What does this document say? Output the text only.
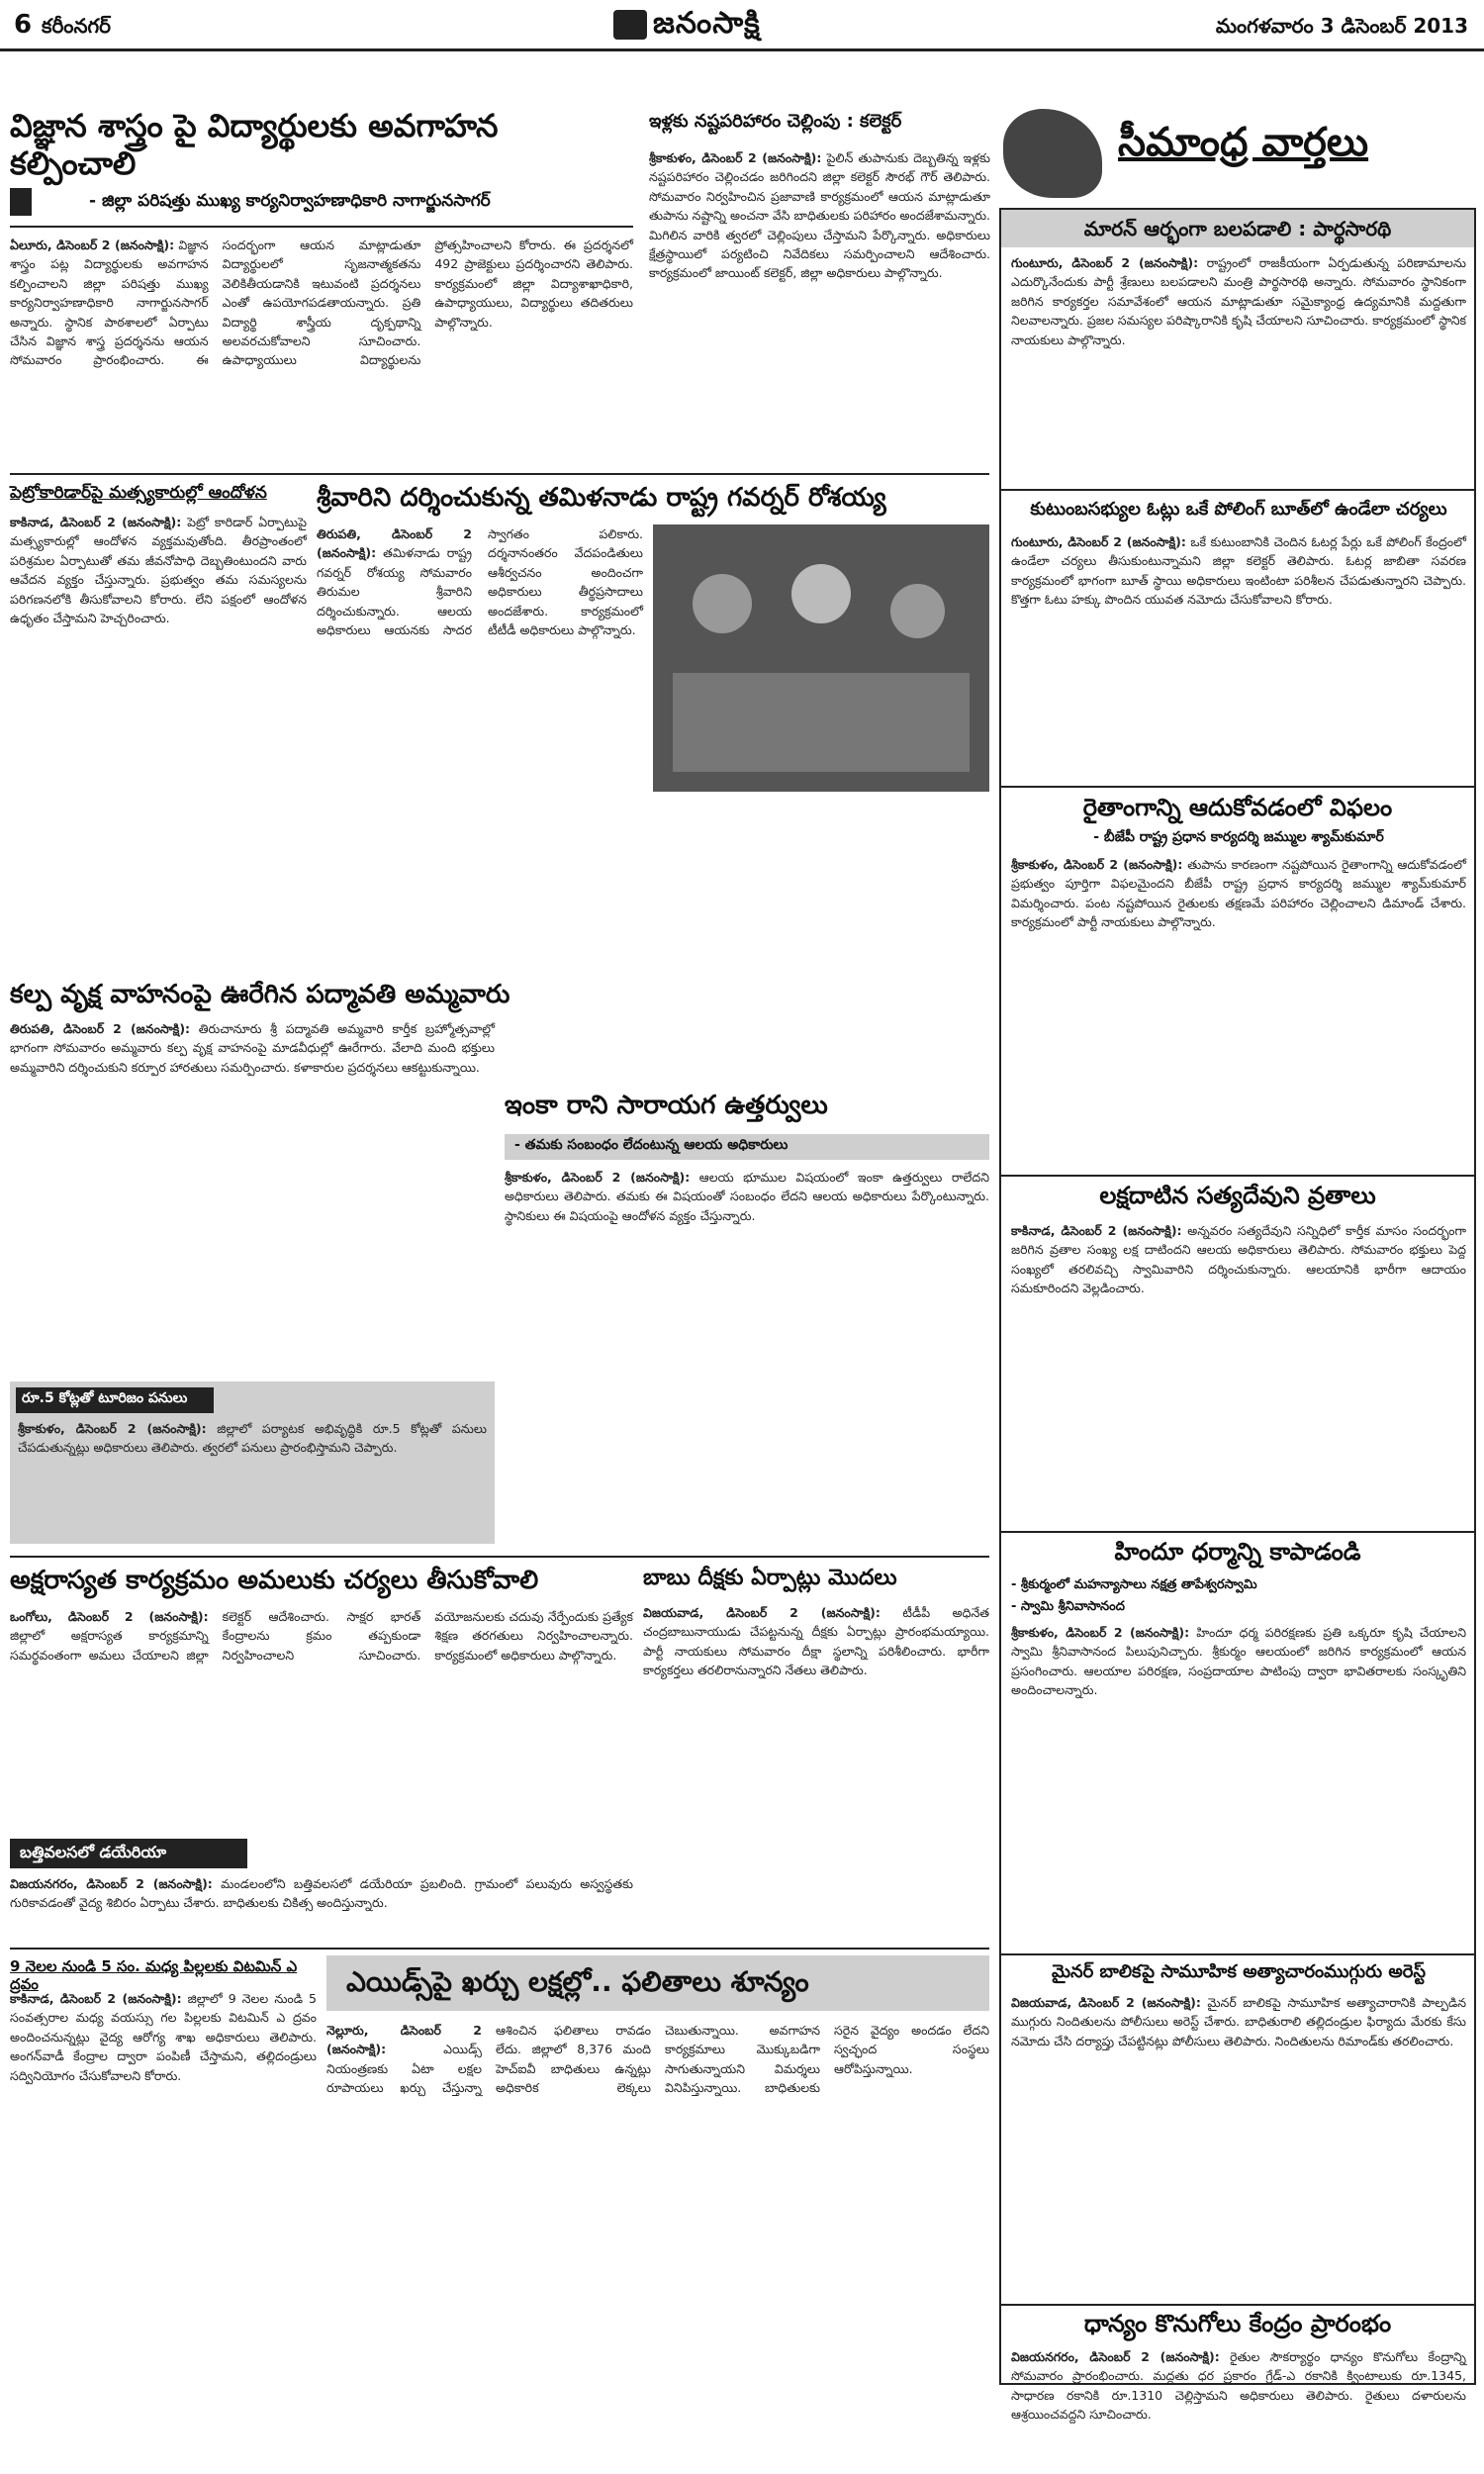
6 కరీంనగర్	జనంసాక్షి	మంగళవారం 3 డిసెంబర్ 2013
విజ్ఞాన శాస్త్రం పై విద్యార్థులకు అవగాహన కల్పించాలి
- జిల్లా పరిషత్తు ముఖ్య కార్యనిర్వాహణాధికారి నాగార్జునసాగర్
ఏలూరు, డిసెంబర్ 2 (జనంసాక్షి): విజ్ఞాన శాస్త్రం పట్ల విద్యార్థులకు అవగాహన కల్పించాలని జిల్లా పరిషత్తు ముఖ్య కార్యనిర్వాహణాధికారి నాగార్జునసాగర్ అన్నారు. స్థానిక పాఠశాలలో ఏర్పాటు చేసిన విజ్ఞాన శాస్త్ర ప్రదర్శనను ఆయన సోమవారం ప్రారంభించారు. ఈ సందర్భంగా ఆయన మాట్లాడుతూ విద్యార్థులలో సృజనాత్మకతను వెలికితీయడానికి ఇటువంటి ప్రదర్శనలు ఎంతో ఉపయోగపడతాయన్నారు. ప్రతి విద్యార్థి శాస్త్రీయ దృక్పథాన్ని అలవరచుకోవాలని సూచించారు. ఉపాధ్యాయులు విద్యార్థులను ప్రోత్సహించాలని కోరారు. ఈ ప్రదర్శనలో 492 ప్రాజెక్టులు ప్రదర్శించారని తెలిపారు. కార్యక్రమంలో జిల్లా విద్యాశాఖాధికారి, ఉపాధ్యాయులు, విద్యార్థులు తదితరులు పాల్గొన్నారు.
ఇళ్లకు నష్టపరిహారం చెల్లింపు : కలెక్టర్
శ్రీకాకుళం, డిసెంబర్ 2 (జనంసాక్షి): పైలిన్ తుపానుకు దెబ్బతిన్న ఇళ్లకు నష్టపరిహారం చెల్లించడం జరిగిందని జిల్లా కలెక్టర్ సౌరభ్ గౌర్ తెలిపారు. సోమవారం నిర్వహించిన ప్రజావాణి కార్యక్రమంలో ఆయన మాట్లాడుతూ తుపాను నష్టాన్ని అంచనా వేసి బాధితులకు పరిహారం అందజేశామన్నారు. మిగిలిన వారికి త్వరలో చెల్లింపులు చేస్తామని పేర్కొన్నారు. అధికారులు క్షేత్రస్థాయిలో పర్యటించి నివేదికలు సమర్పించాలని ఆదేశించారు. కార్యక్రమంలో జాయింట్ కలెక్టర్, జిల్లా అధికారులు పాల్గొన్నారు.
సీమాంధ్ర వార్తలు
మారన్ ఆర్భంగా బలపడాలి : పార్థసారథి
గుంటూరు, డిసెంబర్ 2 (జనంసాక్షి): రాష్ట్రంలో రాజకీయంగా ఏర్పడుతున్న పరిణామాలను ఎదుర్కొనేందుకు పార్టీ శ్రేణులు బలపడాలని మంత్రి పార్థసారథి అన్నారు. సోమవారం స్థానికంగా జరిగిన కార్యకర్తల సమావేశంలో ఆయన మాట్లాడుతూ సమైక్యాంధ్ర ఉద్యమానికి మద్దతుగా నిలవాలన్నారు. ప్రజల సమస్యల పరిష్కారానికి కృషి చేయాలని సూచించారు. కార్యక్రమంలో స్థానిక నాయకులు పాల్గొన్నారు.
కుటుంబసభ్యుల ఓట్లు ఒకే పోలింగ్ బూత్‌లో ఉండేలా చర్యలు
గుంటూరు, డిసెంబర్ 2 (జనంసాక్షి): ఒకే కుటుంబానికి చెందిన ఓటర్ల పేర్లు ఒకే పోలింగ్ కేంద్రంలో ఉండేలా చర్యలు తీసుకుంటున్నామని జిల్లా కలెక్టర్ తెలిపారు. ఓటర్ల జాబితా సవరణ కార్యక్రమంలో భాగంగా బూత్ స్థాయి అధికారులు ఇంటింటా పరిశీలన చేపడుతున్నారని చెప్పారు. కొత్తగా ఓటు హక్కు పొందిన యువత నమోదు చేసుకోవాలని కోరారు.
రైతాంగాన్ని ఆదుకోవడంలో విఫలం
- బీజేపీ రాష్ట్ర ప్రధాన కార్యదర్శి జమ్ముల శ్యామ్‌కుమార్
శ్రీకాకుళం, డిసెంబర్ 2 (జనంసాక్షి): తుపాను కారణంగా నష్టపోయిన రైతాంగాన్ని ఆదుకోవడంలో ప్రభుత్వం పూర్తిగా విఫలమైందని బీజేపీ రాష్ట్ర ప్రధాన కార్యదర్శి జమ్ముల శ్యామ్‌కుమార్ విమర్శించారు. పంట నష్టపోయిన రైతులకు తక్షణమే పరిహారం చెల్లించాలని డిమాండ్ చేశారు. కార్యక్రమంలో పార్టీ నాయకులు పాల్గొన్నారు.
లక్షదాటిన సత్యదేవుని వ్రతాలు
కాకినాడ, డిసెంబర్ 2 (జనంసాక్షి): అన్నవరం సత్యదేవుని సన్నిధిలో కార్తీక మాసం సందర్భంగా జరిగిన వ్రతాల సంఖ్య లక్ష దాటిందని ఆలయ అధికారులు తెలిపారు. సోమవారం భక్తులు పెద్ద సంఖ్యలో తరలివచ్చి స్వామివారిని దర్శించుకున్నారు. ఆలయానికి భారీగా ఆదాయం సమకూరిందని వెల్లడించారు.
హిందూ ధర్మాన్ని కాపాడండి
- శ్రీకుర్మంలో మహన్యాసాలు నక్షత్ర తాపేశ్వరస్వామి
- స్వామి శ్రీనివాసానంద
శ్రీకాకుళం, డిసెంబర్ 2 (జనంసాక్షి): హిందూ ధర్మ పరిరక్షణకు ప్రతి ఒక్కరూ కృషి చేయాలని స్వామి శ్రీనివాసానంద పిలుపునిచ్చారు. శ్రీకుర్మం ఆలయంలో జరిగిన కార్యక్రమంలో ఆయన ప్రసంగించారు. ఆలయాల పరిరక్షణ, సంప్రదాయాల పాటింపు ద్వారా భావితరాలకు సంస్కృతిని అందించాలన్నారు.
మైనర్ బాలికపై సామూహిక అత్యాచారంముగ్గురు అరెస్ట్
విజయవాడ, డిసెంబర్ 2 (జనంసాక్షి): మైనర్ బాలికపై సామూహిక అత్యాచారానికి పాల్పడిన ముగ్గురు నిందితులను పోలీసులు అరెస్ట్ చేశారు. బాధితురాలి తల్లిదండ్రుల ఫిర్యాదు మేరకు కేసు నమోదు చేసి దర్యాప్తు చేపట్టినట్లు పోలీసులు తెలిపారు. నిందితులను రిమాండ్‌కు తరలించారు.
ధాన్యం కొనుగోలు కేంద్రం ప్రారంభం
విజయనగరం, డిసెంబర్ 2 (జనంసాక్షి): రైతుల సౌకర్యార్థం ధాన్యం కొనుగోలు కేంద్రాన్ని సోమవారం ప్రారంభించారు. మద్దతు ధర ప్రకారం గ్రేడ్-ఎ రకానికి క్వింటాలుకు రూ.1345, సాధారణ రకానికి రూ.1310 చెల్లిస్తామని అధికారులు తెలిపారు. రైతులు దళారులను ఆశ్రయించవద్దని సూచించారు.
పెట్రోకారిడార్‌పై మత్స్యకారుల్లో ఆందోళన
కాకినాడ, డిసెంబర్ 2 (జనంసాక్షి): పెట్రో కారిడార్ ఏర్పాటుపై మత్స్యకారుల్లో ఆందోళన వ్యక్తమవుతోంది. తీరప్రాంతంలో పరిశ్రమల ఏర్పాటుతో తమ జీవనోపాధి దెబ్బతింటుందని వారు ఆవేదన వ్యక్తం చేస్తున్నారు. ప్రభుత్వం తమ సమస్యలను పరిగణనలోకి తీసుకోవాలని కోరారు. లేని పక్షంలో ఆందోళన ఉధృతం చేస్తామని హెచ్చరించారు.
శ్రీవారిని దర్శించుకున్న తమిళనాడు రాష్ట్ర గవర్నర్ రోశయ్య
తిరుపతి, డిసెంబర్ 2 (జనంసాక్షి): తమిళనాడు రాష్ట్ర గవర్నర్ రోశయ్య సోమవారం తిరుమల శ్రీవారిని దర్శించుకున్నారు. ఆలయ అధికారులు ఆయనకు సాదర స్వాగతం పలికారు. దర్శనానంతరం వేదపండితులు ఆశీర్వచనం అందించగా అధికారులు తీర్థప్రసాదాలు అందజేశారు. కార్యక్రమంలో టీటీడీ అధికారులు పాల్గొన్నారు.
కల్ప వృక్ష వాహనంపై ఊరేగిన పద్మావతి అమ్మవారు
తిరుపతి, డిసెంబర్ 2 (జనంసాక్షి): తిరుచానూరు శ్రీ పద్మావతి అమ్మవారి కార్తీక బ్రహ్మోత్సవాల్లో భాగంగా సోమవారం అమ్మవారు కల్ప వృక్ష వాహనంపై మాడవీధుల్లో ఊరేగారు. వేలాది మంది భక్తులు అమ్మవారిని దర్శించుకుని కర్పూర హారతులు సమర్పించారు. కళాకారుల ప్రదర్శనలు ఆకట్టుకున్నాయి.
ఇంకా రాని సారాయగ ఉత్తర్వులు
- తమకు సంబంధం లేదంటున్న ఆలయ అధికారులు
శ్రీకాకుళం, డిసెంబర్ 2 (జనంసాక్షి): ఆలయ భూముల విషయంలో ఇంకా ఉత్తర్వులు రాలేదని అధికారులు తెలిపారు. తమకు ఈ విషయంతో సంబంధం లేదని ఆలయ అధికారులు పేర్కొంటున్నారు. స్థానికులు ఈ విషయంపై ఆందోళన వ్యక్తం చేస్తున్నారు.
రూ.5 కోట్లతో టూరిజం పనులు
శ్రీకాకుళం, డిసెంబర్ 2 (జనంసాక్షి): జిల్లాలో పర్యాటక అభివృద్ధికి రూ.5 కోట్లతో పనులు చేపడుతున్నట్లు అధికారులు తెలిపారు. త్వరలో పనులు ప్రారంభిస్తామని చెప్పారు.
అక్షరాస్యత కార్యక్రమం అమలుకు చర్యలు తీసుకోవాలి
ఒంగోలు, డిసెంబర్ 2 (జనంసాక్షి): జిల్లాలో అక్షరాస్యత కార్యక్రమాన్ని సమర్థవంతంగా అమలు చేయాలని జిల్లా కలెక్టర్ ఆదేశించారు. సాక్షర భారత్ కేంద్రాలను క్రమం తప్పకుండా నిర్వహించాలని సూచించారు. వయోజనులకు చదువు నేర్పేందుకు ప్రత్యేక శిక్షణ తరగతులు నిర్వహించాలన్నారు. కార్యక్రమంలో అధికారులు పాల్గొన్నారు.
బాబు దీక్షకు ఏర్పాట్లు మొదలు
విజయవాడ, డిసెంబర్ 2 (జనంసాక్షి): టీడీపీ అధినేత చంద్రబాబునాయుడు చేపట్టనున్న దీక్షకు ఏర్పాట్లు ప్రారంభమయ్యాయి. పార్టీ నాయకులు సోమవారం దీక్షా స్థలాన్ని పరిశీలించారు. భారీగా కార్యకర్తలు తరలిరానున్నారని నేతలు తెలిపారు.
బత్తివలసలో డయేరియా
విజయనగరం, డిసెంబర్ 2 (జనంసాక్షి): మండలంలోని బత్తివలసలో డయేరియా ప్రబలింది. గ్రామంలో పలువురు అస్వస్థతకు గురికావడంతో వైద్య శిబిరం ఏర్పాటు చేశారు. బాధితులకు చికిత్స అందిస్తున్నారు.
9 నెలల నుండి 5 సం. మధ్య పిల్లలకు విటమిన్ ఎ ద్రవం
కాకినాడ, డిసెంబర్ 2 (జనంసాక్షి): జిల్లాలో 9 నెలల నుండి 5 సంవత్సరాల మధ్య వయస్సు గల పిల్లలకు విటమిన్ ఎ ద్రవం అందించనున్నట్లు వైద్య ఆరోగ్య శాఖ అధికారులు తెలిపారు. అంగన్‌వాడీ కేంద్రాల ద్వారా పంపిణీ చేస్తామని, తల్లిదండ్రులు సద్వినియోగం చేసుకోవాలని కోరారు.
ఎయిడ్స్‌పై ఖర్చు లక్షల్లో.. ఫలితాలు శూన్యం
నెల్లూరు, డిసెంబర్ 2 (జనంసాక్షి):	ఎయిడ్స్ నియంత్రణకు ఏటా లక్షల రూపాయలు ఖర్చు చేస్తున్నా ఆశించిన ఫలితాలు రావడం లేదు. జిల్లాలో 8,376 మంది హెచ్‌ఐవీ బాధితులు ఉన్నట్లు అధికారిక లెక్కలు చెబుతున్నాయి. అవగాహన కార్యక్రమాలు మొక్కుబడిగా సాగుతున్నాయని విమర్శలు వినిపిస్తున్నాయి. బాధితులకు సరైన వైద్యం అందడం లేదని స్వచ్ఛంద సంస్థలు ఆరోపిస్తున్నాయి.
